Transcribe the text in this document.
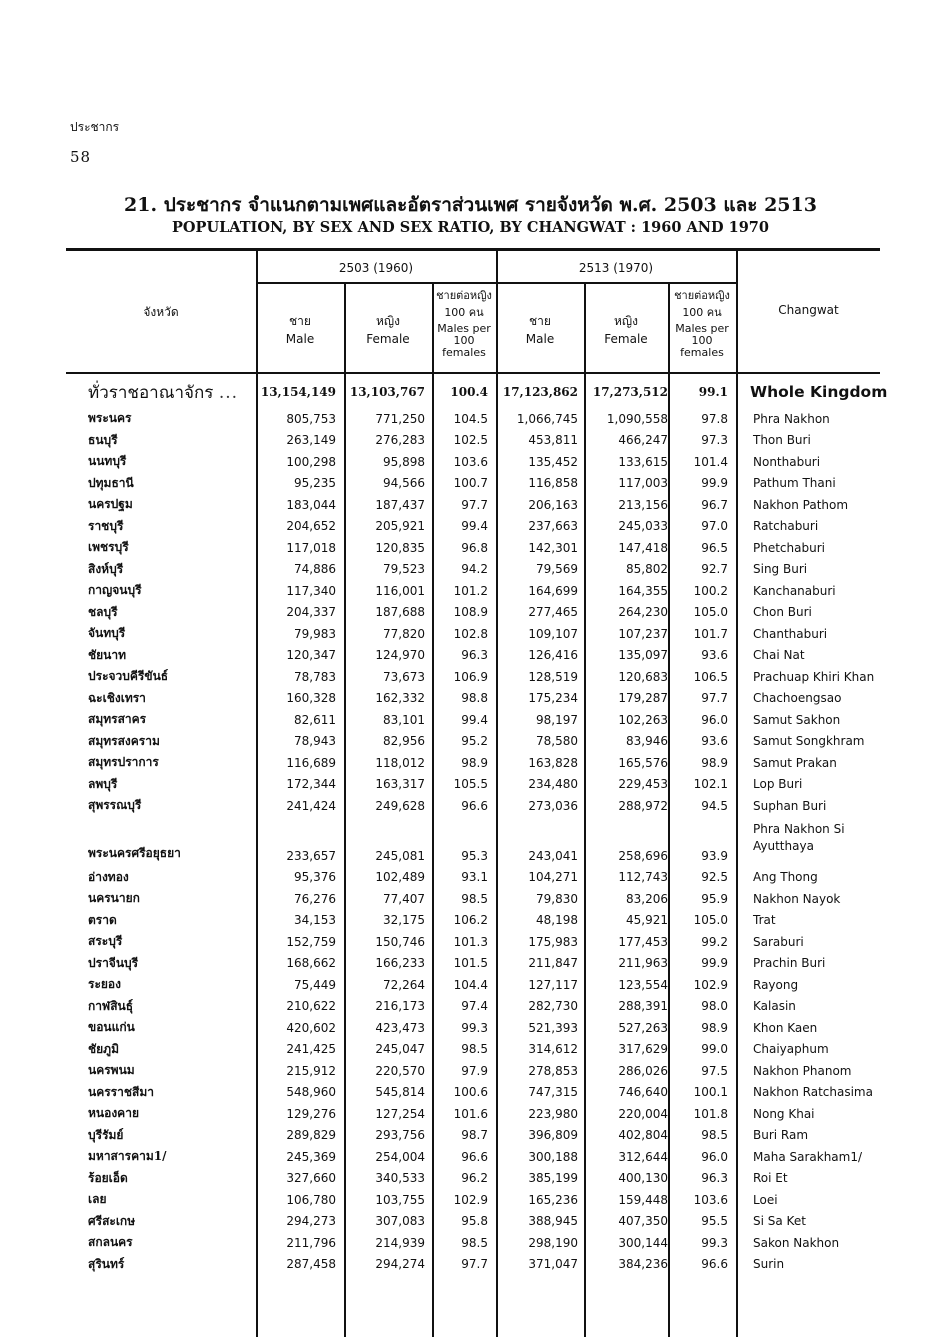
ประชากร
58
21. ประชากร จำแนกตามเพศและอัตราส่วนเพศ รายจังหวัด พ.ศ. 2503 และ 2513
POPULATION, BY SEX AND SEX RATIO, BY CHANGWAT : 1960 AND 1970
จังหวัด	Changwat
2503 (1960)	2513 (1970)
ชาย
Male
หญิง
Female
ชายต่อหญิง
100 คน
Males per
100
females
ชาย
Male
หญิง
Female
ชายต่อหญิง
100 คน
Males per
100
females
ทั่วราชอาณาจักร ...	13,154,149	13,103,767	100.4	17,123,862	17,273,512	99.1	Whole Kingdom
พระนคร	805,753	771,250	104.5	1,066,745	1,090,558	97.8	Phra Nakhon
ธนบุรี	263,149	276,283	102.5	453,811	466,247	97.3	Thon Buri
นนทบุรี	100,298	95,898	103.6	135,452	133,615	101.4	Nonthaburi
ปทุมธานี	95,235	94,566	100.7	116,858	117,003	99.9	Pathum Thani
นครปฐม	183,044	187,437	97.7	206,163	213,156	96.7	Nakhon Pathom
ราชบุรี	204,652	205,921	99.4	237,663	245,033	97.0	Ratchaburi
เพชรบุรี	117,018	120,835	96.8	142,301	147,418	96.5	Phetchaburi
สิงห์บุรี	74,886	79,523	94.2	79,569	85,802	92.7	Sing Buri
กาญจนบุรี	117,340	116,001	101.2	164,699	164,355	100.2	Kanchanaburi
ชลบุรี	204,337	187,688	108.9	277,465	264,230	105.0	Chon Buri
จันทบุรี	79,983	77,820	102.8	109,107	107,237	101.7	Chanthaburi
ชัยนาท	120,347	124,970	96.3	126,416	135,097	93.6	Chai Nat
ประจวบคีรีขันธ์	78,783	73,673	106.9	128,519	120,683	106.5	Prachuap Khiri Khan
ฉะเชิงเทรา	160,328	162,332	98.8	175,234	179,287	97.7	Chachoengsao
สมุทรสาคร	82,611	83,101	99.4	98,197	102,263	96.0	Samut Sakhon
สมุทรสงคราม	78,943	82,956	95.2	78,580	83,946	93.6	Samut Songkhram
สมุทรปราการ	116,689	118,012	98.9	163,828	165,576	98.9	Samut Prakan
ลพบุรี	172,344	163,317	105.5	234,480	229,453	102.1	Lop Buri
สุพรรณบุรี	241,424	249,628	96.6	273,036	288,972	94.5	Suphan Buri
พระนครศรีอยุธยา	233,657	245,081	95.3	243,041	258,696	93.9	Phra Nakhon Si Ayutthaya
อ่างทอง	95,376	102,489	93.1	104,271	112,743	92.5	Ang Thong
นครนายก	76,276	77,407	98.5	79,830	83,206	95.9	Nakhon Nayok
ตราด	34,153	32,175	106.2	48,198	45,921	105.0	Trat
สระบุรี	152,759	150,746	101.3	175,983	177,453	99.2	Saraburi
ปราจีนบุรี	168,662	166,233	101.5	211,847	211,963	99.9	Prachin Buri
ระยอง	75,449	72,264	104.4	127,117	123,554	102.9	Rayong
กาฬสินธุ์	210,622	216,173	97.4	282,730	288,391	98.0	Kalasin
ขอนแก่น	420,602	423,473	99.3	521,393	527,263	98.9	Khon Kaen
ชัยภูมิ	241,425	245,047	98.5	314,612	317,629	99.0	Chaiyaphum
นครพนม	215,912	220,570	97.9	278,853	286,026	97.5	Nakhon Phanom
นครราชสีมา	548,960	545,814	100.6	747,315	746,640	100.1	Nakhon Ratchasima
หนองคาย	129,276	127,254	101.6	223,980	220,004	101.8	Nong Khai
บุรีรัมย์	289,829	293,756	98.7	396,809	402,804	98.5	Buri Ram
มหาสารคาม1/	245,369	254,004	96.6	300,188	312,644	96.0	Maha Sarakham1/
ร้อยเอ็ด	327,660	340,533	96.2	385,199	400,130	96.3	Roi Et
เลย	106,780	103,755	102.9	165,236	159,448	103.6	Loei
ศรีสะเกษ	294,273	307,083	95.8	388,945	407,350	95.5	Si Sa Ket
สกลนคร	211,796	214,939	98.5	298,190	300,144	99.3	Sakon Nakhon
สุรินทร์	287,458	294,274	97.7	371,047	384,236	96.6	Surin
